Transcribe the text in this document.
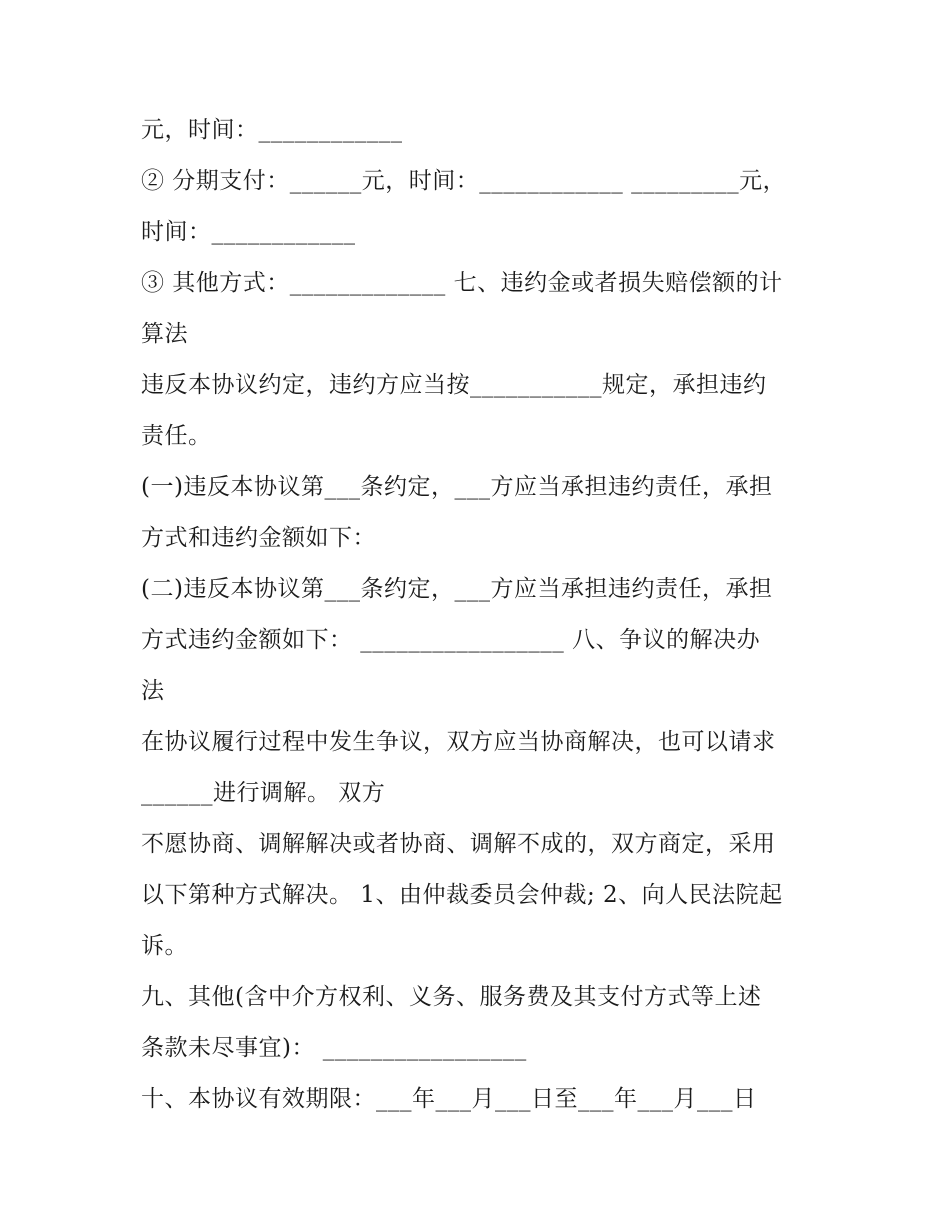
元，时间：____________
② 分期支付：______元，时间：____________ _________元，
时间：____________
③ 其他方式：_____________ 七、违约金或者损失赔偿额的计
算法
违反本协议约定，违约方应当按___________规定，承担违约
责任。
(一)违反本协议第___条约定，___方应当承担违约责任，承担
方式和违约金额如下：
(二)违反本协议第___条约定，___方应当承担违约责任，承担
方式违约金额如下： _________________ 八、争议的解决办
法
在协议履行过程中发生争议，双方应当协商解决，也可以请求
______进行调解。 双方
不愿协商、调解解决或者协商、调解不成的，双方商定，采用
以下第种方式解决。 1、由仲裁委员会仲裁; 2、向人民法院起
诉。
九、其他(含中介方权利、义务、服务费及其支付方式等上述
条款未尽事宜)： _________________
十、本协议有效期限：___年___月___日至___年___月___日
